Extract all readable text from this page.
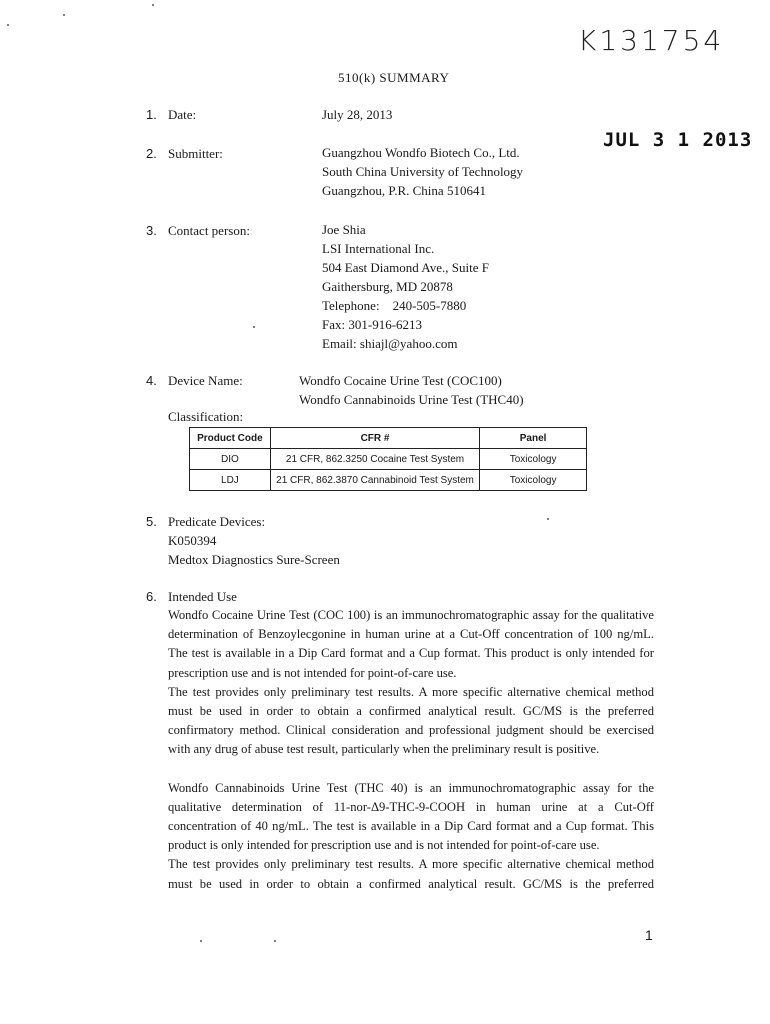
K131754
510(k) SUMMARY
JUL 3 1 2013
1. Date:	July 28, 2013
2. Submitter:	Guangzhou Wondfo Biotech Co., Ltd.
South China University of Technology
Guangzhou, P.R. China 510641
3. Contact person:	Joe Shia
LSI International Inc.
504 East Diamond Ave., Suite F
Gaithersburg, MD 20878
Telephone:    240-505-7880
Fax: 301-916-6213
Email: shiajl@yahoo.com
4. Device Name:	Wondfo Cocaine Urine Test (COC100)
Wondfo Cannabinoids Urine Test (THC40)
Classification:
Product Code	CFR #	Panel
DIO	21 CFR, 862.3250 Cocaine Test System	Toxicology
LDJ	21 CFR, 862.3870 Cannabinoid Test System	Toxicology
5. Predicate Devices:
K050394
Medtox Diagnostics Sure-Screen
6. Intended Use
Wondfo Cocaine Urine Test (COC 100) is an immunochromatographic assay for the qualitative determination of Benzoylecgonine in human urine at a Cut-Off concentration of 100 ng/mL. The test is available in a Dip Card format and a Cup format. This product is only intended for prescription use and is not intended for point-of-care use.
The test provides only preliminary test results. A more specific alternative chemical method must be used in order to obtain a confirmed analytical result. GC/MS is the preferred confirmatory method. Clinical consideration and professional judgment should be exercised with any drug of abuse test result, particularly when the preliminary result is positive.
Wondfo Cannabinoids Urine Test (THC 40) is an immunochromatographic assay for the qualitative determination of 11-nor-Δ9-THC-9-COOH in human urine at a Cut-Off concentration of 40 ng/mL. The test is available in a Dip Card format and a Cup format. This product is only intended for prescription use and is not intended for point-of-care use.
The test provides only preliminary test results. A more specific alternative chemical method must be used in order to obtain a confirmed analytical result. GC/MS is the preferred
1
